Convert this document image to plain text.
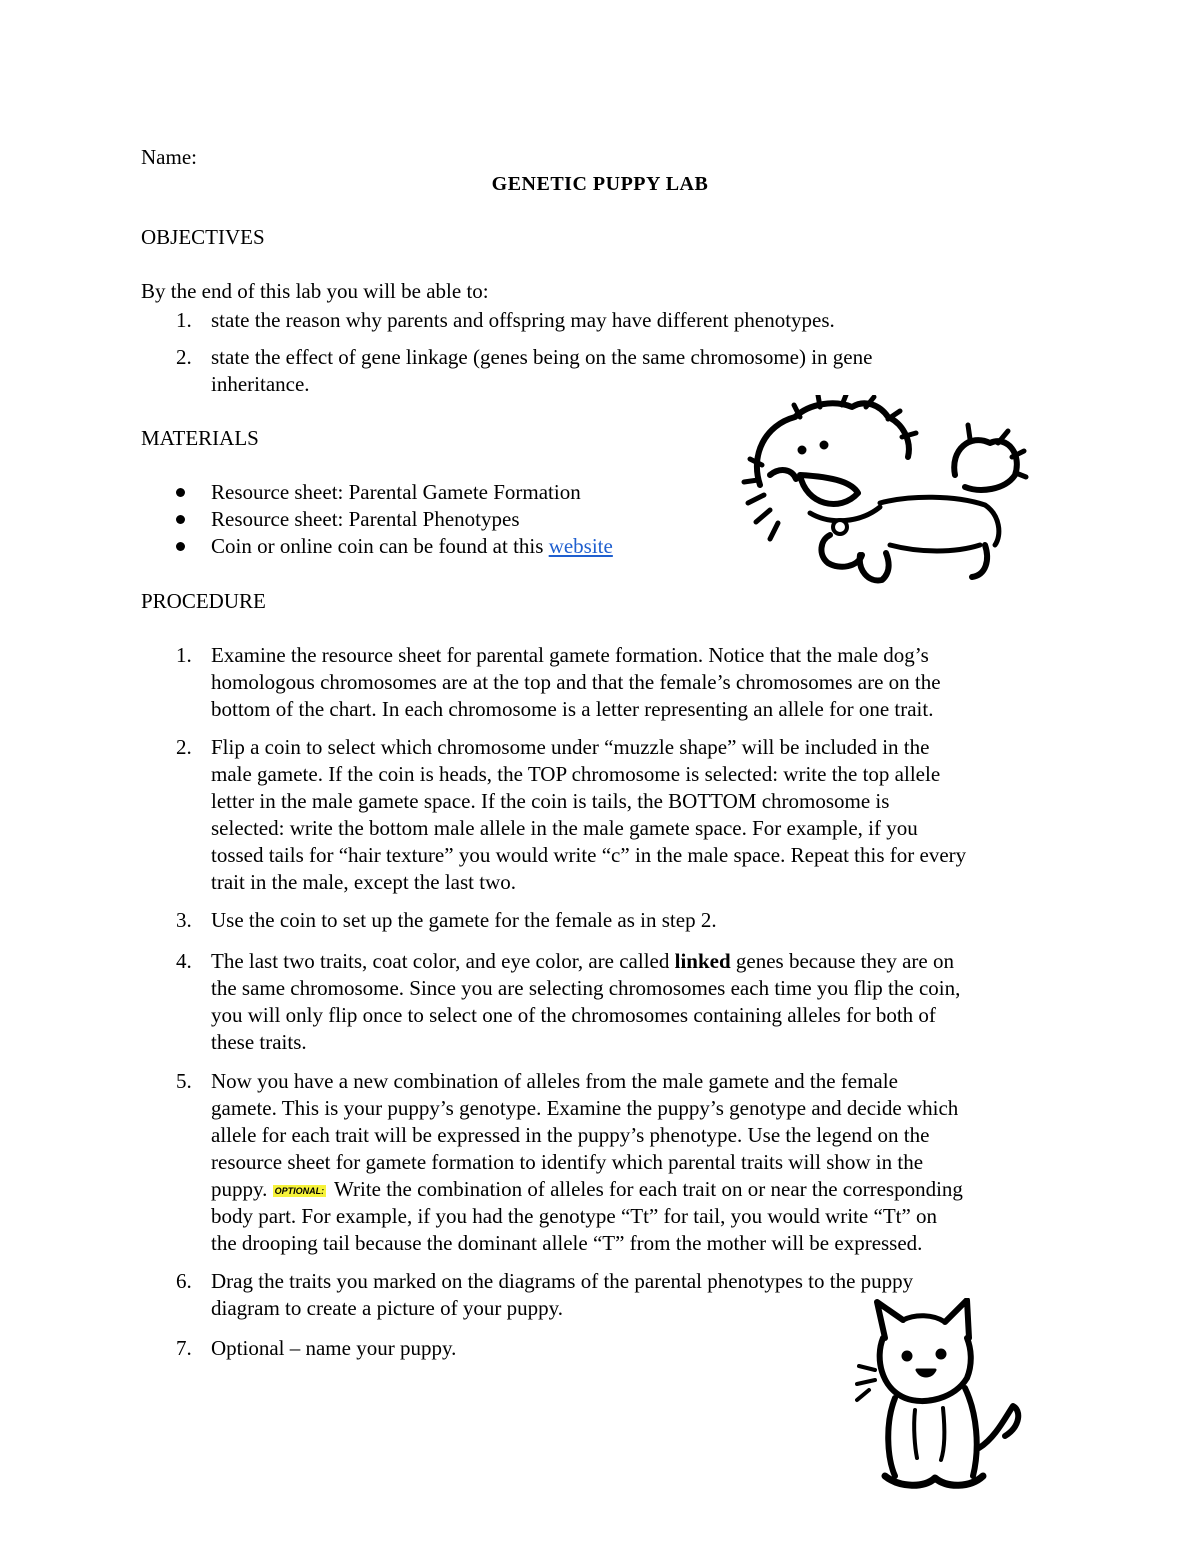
Name:
GENETIC PUPPY LAB
OBJECTIVES
By the end of this lab you will be able to:
1. state the reason why parents and offspring may have different phenotypes.
2. state the effect of gene linkage (genes being on the same chromosome) in gene
inheritance.
MATERIALS
Resource sheet: Parental Gamete Formation
Resource sheet: Parental Phenotypes
Coin or online coin can be found at this website
PROCEDURE
1. Examine the resource sheet for parental gamete formation. Notice that the male dog’s
homologous chromosomes are at the top and that the female’s chromosomes are on the
bottom of the chart. In each chromosome is a letter representing an allele for one trait.
2. Flip a coin to select which chromosome under “muzzle shape” will be included in the
male gamete. If the coin is heads, the TOP chromosome is selected: write the top allele
letter in the male gamete space. If the coin is tails, the BOTTOM chromosome is
selected: write the bottom male allele in the male gamete space. For example, if you
tossed tails for “hair texture” you would write “c” in the male space. Repeat this for every
trait in the male, except the last two.
3. Use the coin to set up the gamete for the female as in step 2.
4. The last two traits, coat color, and eye color, are called linked genes because they are on
the same chromosome. Since you are selecting chromosomes each time you flip the coin,
you will only flip once to select one of the chromosomes containing alleles for both of
these traits.
5. Now you have a new combination of alleles from the male gamete and the female
gamete. This is your puppy’s genotype. Examine the puppy’s genotype and decide which
allele for each trait will be expressed in the puppy’s phenotype. Use the legend on the
resource sheet for gamete formation to identify which parental traits will show in the
puppy. OPTIONAL: Write the combination of alleles for each trait on or near the corresponding
body part. For example, if you had the genotype “Tt” for tail, you would write “Tt” on
the drooping tail because the dominant allele “T” from the mother will be expressed.
6. Drag the traits you marked on the diagrams of the parental phenotypes to the puppy
diagram to create a picture of your puppy.
7. Optional – name your puppy.
